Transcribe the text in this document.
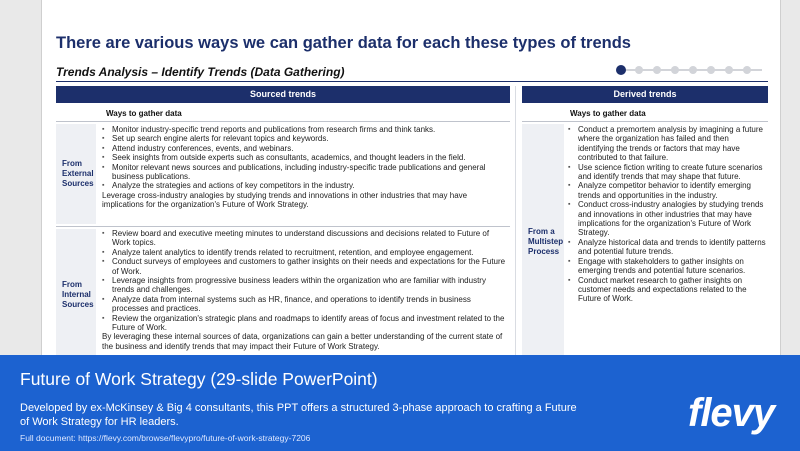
There are various ways we can gather data for each these types of trends
Trends Analysis – Identify Trends (Data Gathering)
Sourced trends
Ways to gather data
From
External
Sources
▪ Monitor industry-specific trend reports and publications from research firms and think tanks.
▪ Set up search engine alerts for relevant topics and keywords.
▪ Attend industry conferences, events, and webinars.
▪ Seek insights from outside experts such as consultants, academics, and thought leaders in the field.
▪ Monitor relevant news sources and publications, including industry-specific trade publications and general business publications.
▪ Analyze the strategies and actions of key competitors in the industry.

Leverage cross-industry analogies by studying trends and innovations in other industries that may have implications for the organization's Future of Work Strategy.

From
Internal
Sources
▪ Review board and executive meeting minutes to understand discussions and decisions related to Future of Work topics.
▪ Analyze talent analytics to identify trends related to recruitment, retention, and employee engagement.
▪ Conduct surveys of employees and customers to gather insights on their needs and expectations for the Future of Work.
▪ Leverage insights from progressive business leaders within the organization who are familiar with industry trends and challenges.
▪ Analyze data from internal systems such as HR, finance, and operations to identify trends in business processes and practices.
▪ Review the organization's strategic plans and roadmaps to identify areas of focus and investment related to the Future of Work.

By leveraging these internal sources of data, organizations can gain a better understanding of the current state of the business and identify trends that may impact their Future of Work Strategy.

Derived trends
Ways to gather data
From a
Multistep
Process
▪ Conduct a premortem analysis by imagining a future where the organization has failed and then identifying the trends or factors that may have contributed to that failure.
▪ Use science fiction writing to create future scenarios and identify trends that may shape that future.
▪ Analyze competitor behavior to identify emerging trends and opportunities in the industry.
▪ Conduct cross-industry analogies by studying trends and innovations in other industries that may have implications for the organization's Future of Work Strategy.
▪ Analyze historical data and trends to identify patterns and potential future trends.
▪ Engage with stakeholders to gather insights on emerging trends and potential future scenarios.
▪ Conduct market research to gather insights on customer needs and expectations related to the Future of Work.
Future of Work Strategy (29-slide PowerPoint)
Developed by ex-McKinsey & Big 4 consultants, this PPT offers a structured 3-phase approach to crafting a Future of Work Strategy for HR leaders.
Full document: https://flevy.com/browse/flevypro/future-of-work-strategy-7206
flevy
